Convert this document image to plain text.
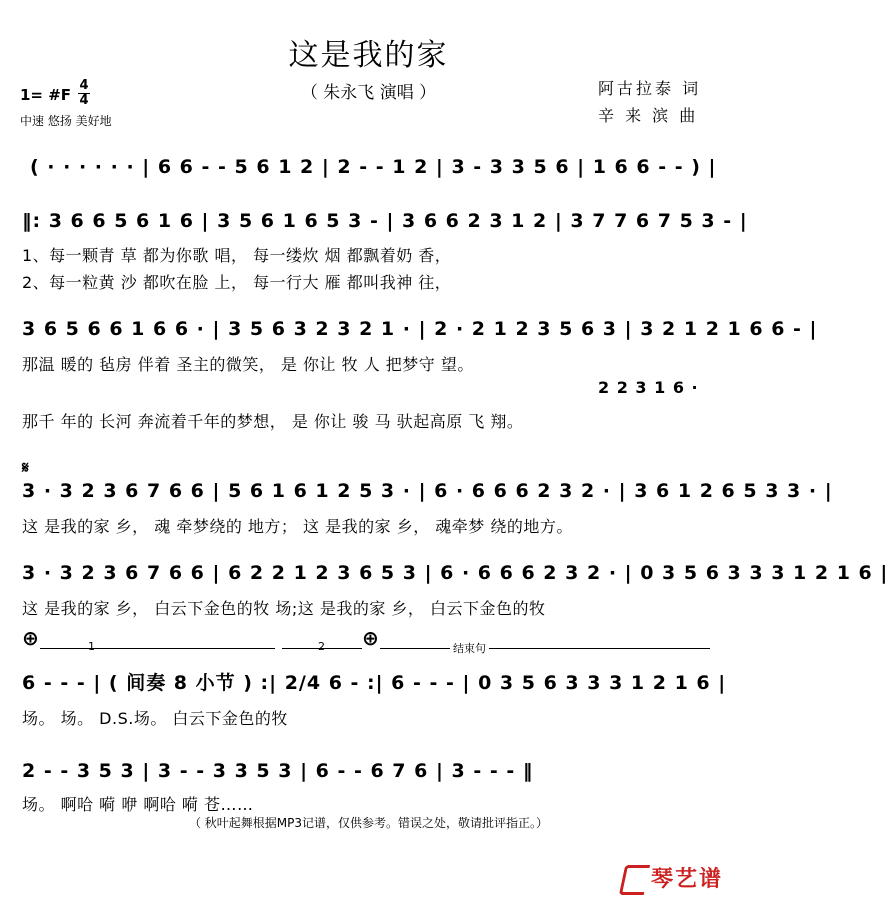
这是我的家
（ 朱永飞 演唱 ）	阿古拉泰 词
辛 来 滨 曲
1= #F
4
4
中速 悠扬 美好地
( · · · · · · | 6 6 - - 5 6 1 2 | 2 - - 1 2 | 3 - 3 3 5 6 | 1 6 6 - - ) |
‖: 3 6 6 5 6 1 6 | 3 5 6 1 6 5 3 - | 3 6 6 2 3 1 2 | 3 7 7 6 7 5 3 - |
1、每一颗青 草 都为你歌 唱， 每一缕炊 烟 都飘着奶 香，
2、每一粒黄 沙 都吹在脸 上， 每一行大 雁 都叫我神 往，
3 6 5 6 6 1 6 6 · | 3 5 6 3 2 3 2 1 · | 2 · 2 1 2 3 5 6 3 | 3 2 1 2 1 6 6 - |
那温 暖的 毡房 伴着 圣主的微笑， 是 你让 牧 人 把梦守 望。
2 2 3 1 6 ·
那千 年的 长河 奔流着千年的梦想， 是 你让 骏 马 驮起高原 飞 翔。
𝄋
3 · 3 2 3 6 7 6 6 | 5 6 1 6 1 2 5 3 · | 6 · 6 6 6 2 3 2 · | 3 6 1 2 6 5 3 3 · |
这 是我的家 乡， 魂 牵梦绕的 地方； 这 是我的家 乡， 魂牵梦 绕的地方。
3 · 3 2 3 6 7 6 6 | 6 2 2 1 2 3 6 5 3 | 6 · 6 6 6 2 3 2 · | 0 3 5 6 3 3 3 1 2 1 6 |
这 是我的家 乡， 白云下金色的牧 场;这 是我的家 乡， 白云下金色的牧
⊕	⊕
1	2	结束句
6 - - - | ( 间奏 8 小节 ) :| 2/4 6 - :| 6 - - - | 0 3 5 6 3 3 3 1 2 1 6 |
场。 场。 D.S.场。 白云下金色的牧
2 - - 3 5 3 | 3 - - 3 3 5 3 | 6 - - 6 7 6 | 3 - - - ‖
场。 啊哈 嗬 咿 啊哈 嗬 苍……
（ 秋叶起舞根据MP3记谱，仅供参考。错误之处，敬请批评指正。）
琴艺谱
